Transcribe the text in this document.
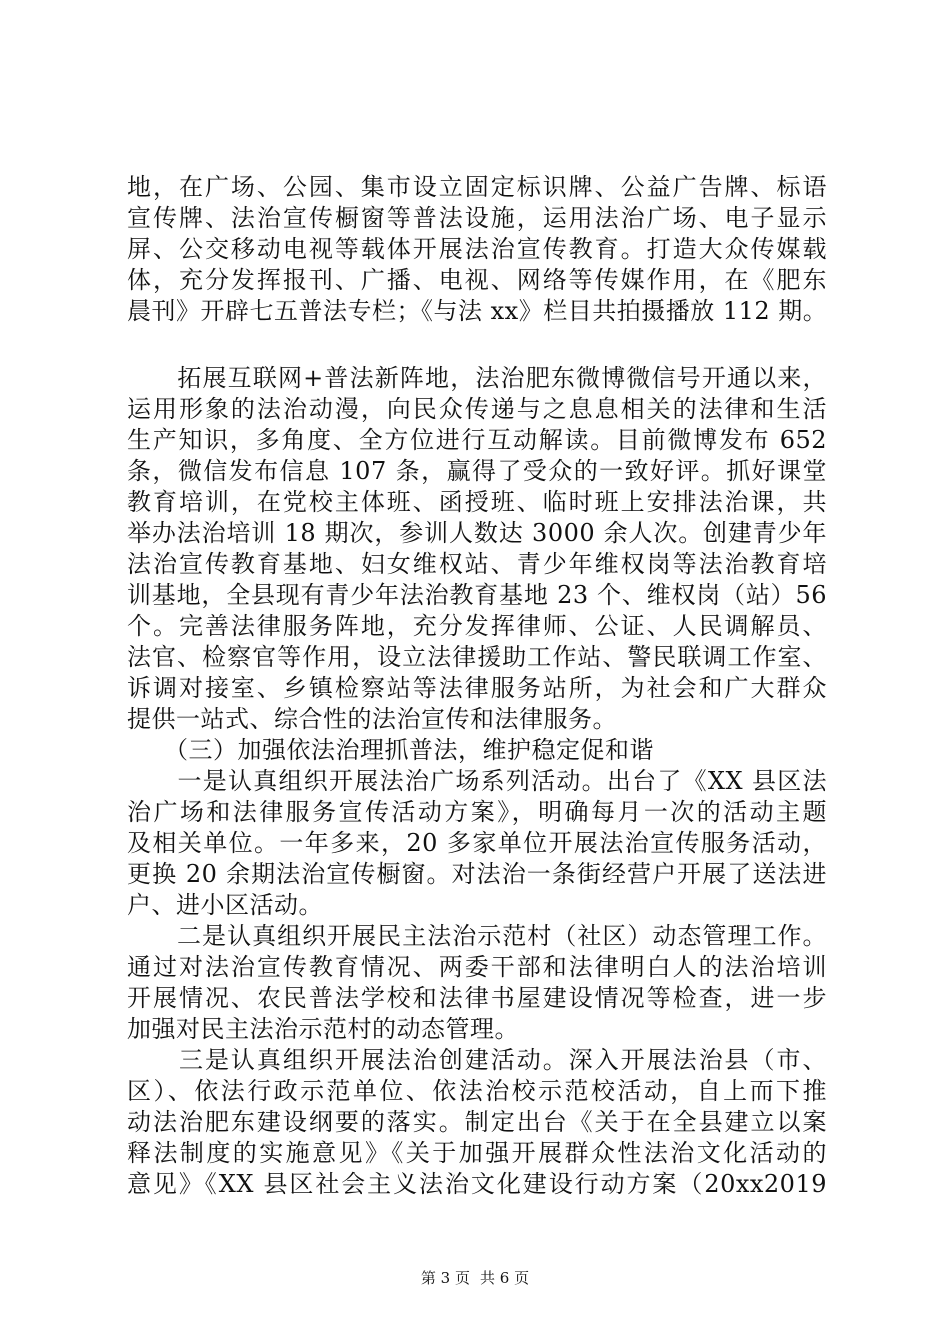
地，在广场、公园、集市设立固定标识牌、公益广告牌、标语
宣传牌、法治宣传橱窗等普法设施，运用法治广场、电子显示
屏、公交移动电视等载体开展法治宣传教育。打造大众传媒载
体，充分发挥报刊、广播、电视、网络等传媒作用，在《肥东
晨刊》开辟七五普法专栏；《与法 xx》栏目共拍摄播放 112 期。
　　拓展互联网+普法新阵地，法治肥东微博微信号开通以来，
运用形象的法治动漫，向民众传递与之息息相关的法律和生活
生产知识，多角度、全方位进行互动解读。目前微博发布 652
条，微信发布信息 107 条，赢得了受众的一致好评。抓好课堂
教育培训，在党校主体班、函授班、临时班上安排法治课，共
举办法治培训 18 期次，参训人数达 3000 余人次。创建青少年
法治宣传教育基地、妇女维权站、青少年维权岗等法治教育培
训基地，全县现有青少年法治教育基地 23 个、维权岗（站）56
个。完善法律服务阵地，充分发挥律师、公证、人民调解员、
法官、检察官等作用，设立法律援助工作站、警民联调工作室、
诉调对接室、乡镇检察站等法律服务站所，为社会和广大群众
提供一站式、综合性的法治宣传和法律服务。
　　（三）加强依法治理抓普法，维护稳定促和谐
　　一是认真组织开展法治广场系列活动。出台了《XX 县区法
治广场和法律服务宣传活动方案》，明确每月一次的活动主题
及相关单位。一年多来，20 多家单位开展法治宣传服务活动，
更换 20 余期法治宣传橱窗。对法治一条街经营户开展了送法进
户、进小区活动。
　　二是认真组织开展民主法治示范村（社区）动态管理工作。
通过对法治宣传教育情况、两委干部和法律明白人的法治培训
开展情况、农民普法学校和法律书屋建设情况等检查，进一步
加强对民主法治示范村的动态管理。
　　三是认真组织开展法治创建活动。深入开展法治县（市、
区）、依法行政示范单位、依法治校示范校活动，自上而下推
动法治肥东建设纲要的落实。制定出台《关于在全县建立以案
释法制度的实施意见》《关于加强开展群众性法治文化活动的
意见》《XX 县区社会主义法治文化建设行动方案（20xx2019
第 3 页 共 6 页
